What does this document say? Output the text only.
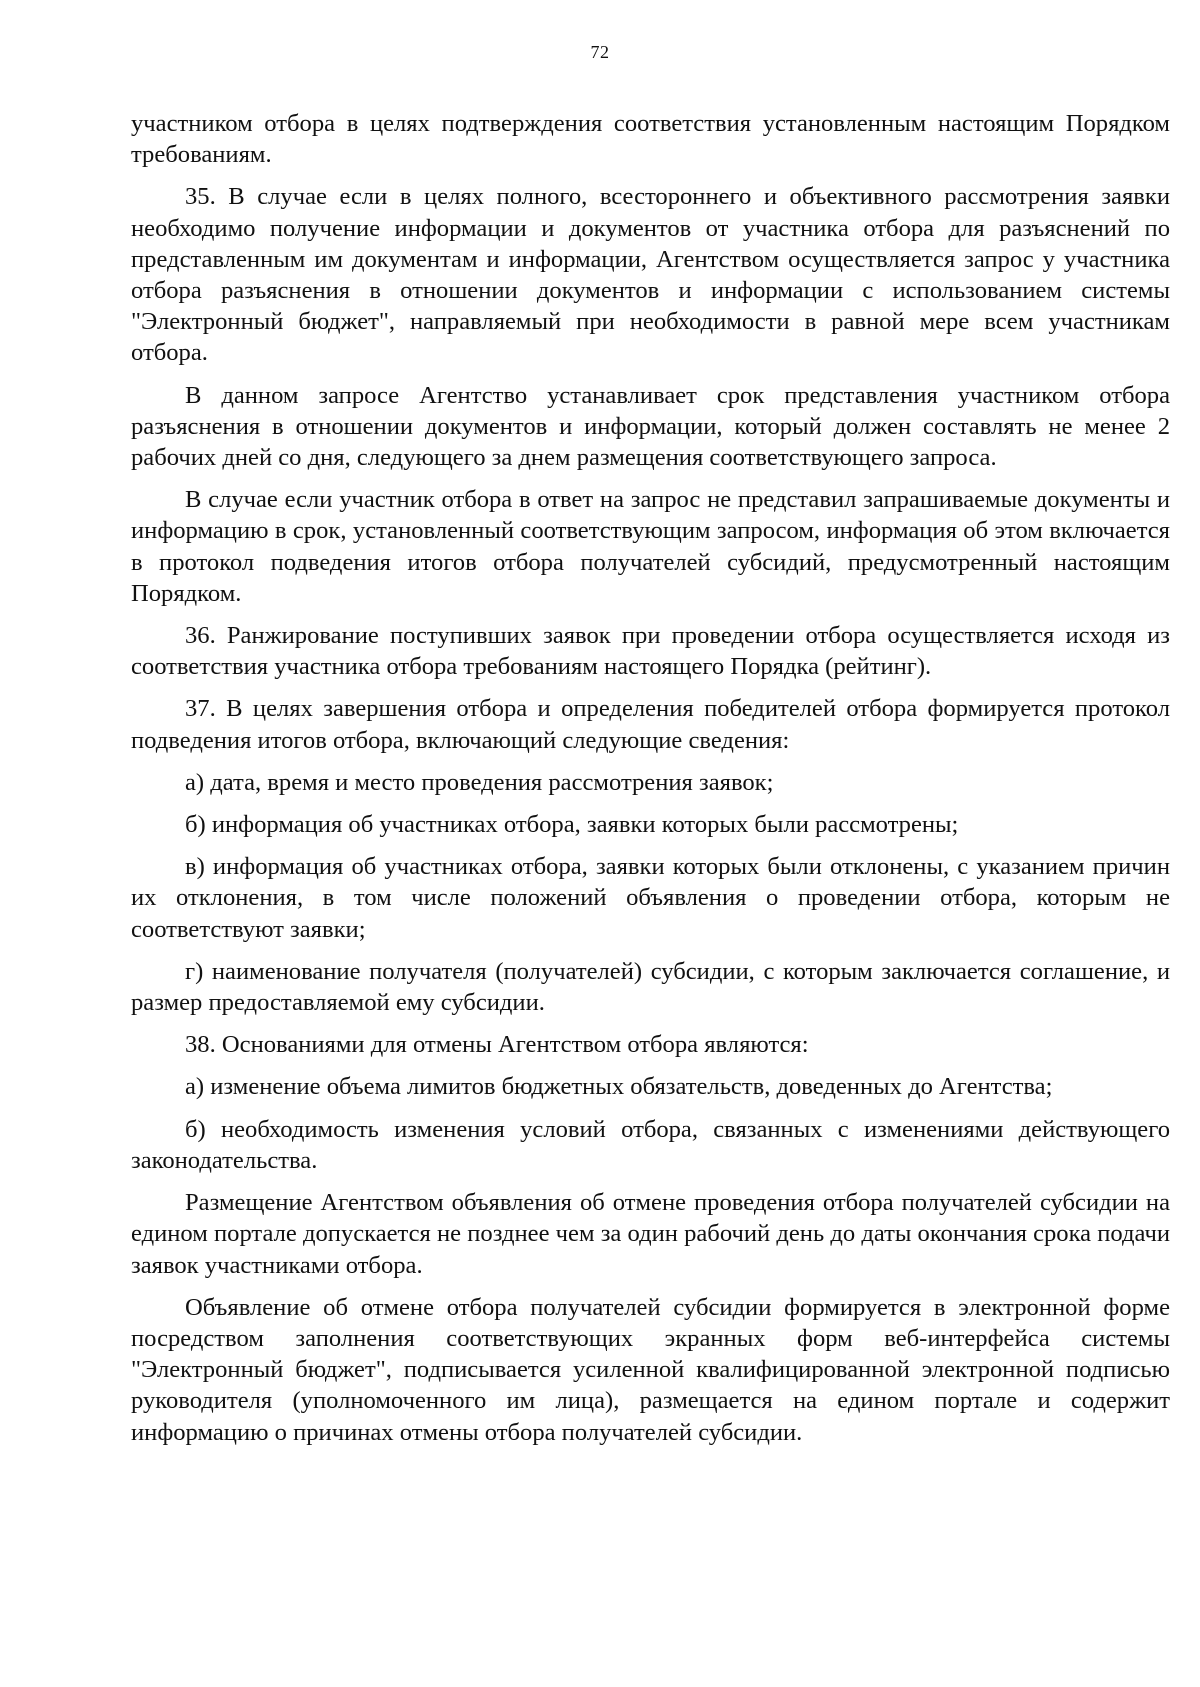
72

участником отбора в целях подтверждения соответствия установленным настоящим Порядком требованиям.

35. В случае если в целях полного, всестороннего и объективного рассмотрения заявки необходимо получение информации и документов от участника отбора для разъяснений по представленным им документам и информации, Агентством осуществляется запрос у участника отбора разъяснения в отношении документов и информации с использованием системы "Электронный бюджет", направляемый при необходимости в равной мере всем участникам отбора.

В данном запросе Агентство устанавливает срок представления участником отбора разъяснения в отношении документов и информации, который должен составлять не менее 2 рабочих дней со дня, следующего за днем размещения соответствующего запроса.

В случае если участник отбора в ответ на запрос не представил запрашиваемые документы и информацию в срок, установленный соответствующим запросом, информация об этом включается в протокол подведения итогов отбора получателей субсидий, предусмотренный настоящим Порядком.

36. Ранжирование поступивших заявок при проведении отбора осуществляется исходя из соответствия участника отбора требованиям настоящего Порядка (рейтинг).

37. В целях завершения отбора и определения победителей отбора формируется протокол подведения итогов отбора, включающий следующие сведения:

а) дата, время и место проведения рассмотрения заявок;

б) информация об участниках отбора, заявки которых были рассмотрены;

в) информация об участниках отбора, заявки которых были отклонены, с указанием причин их отклонения, в том числе положений объявления о проведении отбора, которым не соответствуют заявки;

г) наименование получателя (получателей) субсидии, с которым заключается соглашение, и размер предоставляемой ему субсидии.

38. Основаниями для отмены Агентством отбора являются:

а) изменение объема лимитов бюджетных обязательств, доведенных до Агентства;

б) необходимость изменения условий отбора, связанных с изменениями действующего законодательства.

Размещение Агентством объявления об отмене проведения отбора получателей субсидии на едином портале допускается не позднее чем за один рабочий день до даты окончания срока подачи заявок участниками отбора.

Объявление об отмене отбора получателей субсидии формируется в электронной форме посредством заполнения соответствующих экранных форм веб-интерфейса системы "Электронный бюджет", подписывается усиленной квалифицированной электронной подписью руководителя (уполномоченного им лица), размещается на едином портале и содержит информацию о причинах отмены отбора получателей субсидии.
